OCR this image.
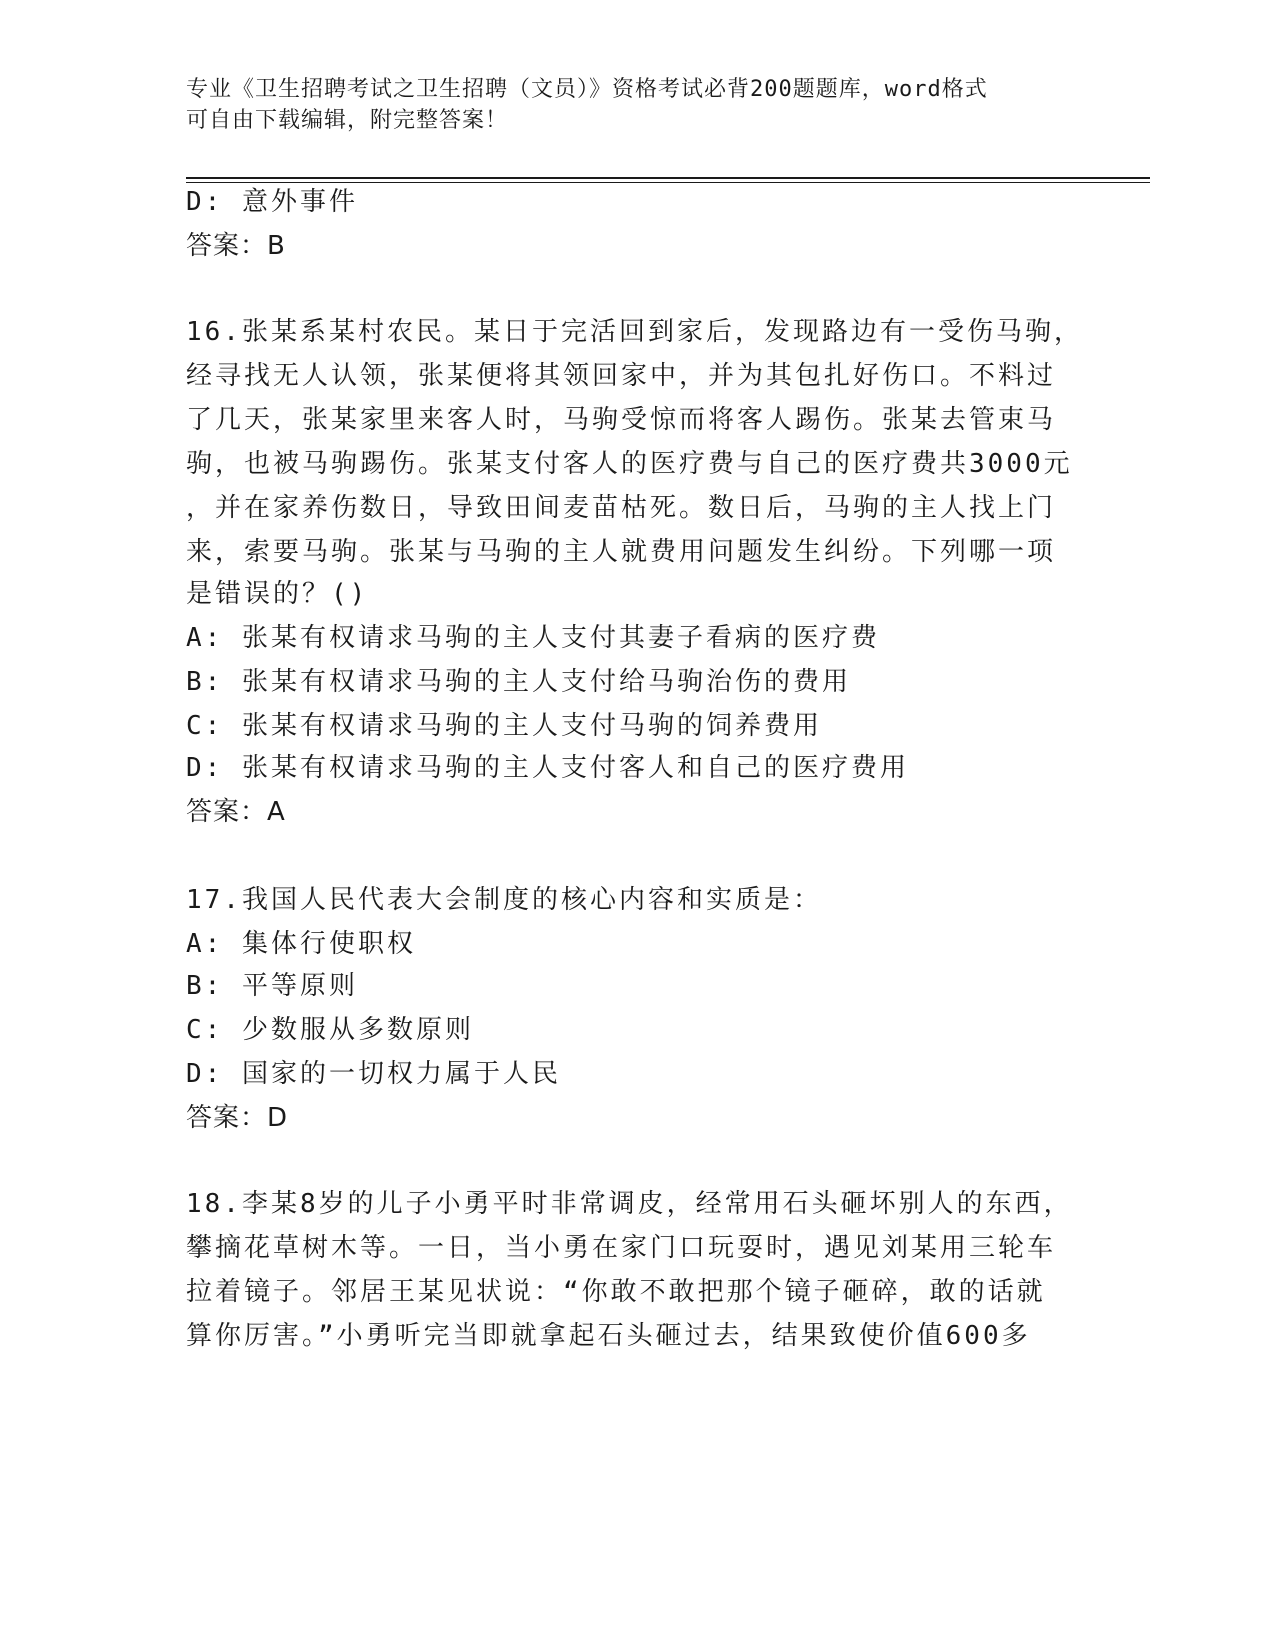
专业《卫生招聘考试之卫生招聘（文员）》资格考试必背200题题库，word格式
可自由下载编辑，附完整答案！
D: 意外事件
答案：B
16.张某系某村农民。某日于完活回到家后，发现路边有一受伤马驹，
经寻找无人认领，张某便将其领回家中，并为其包扎好伤口。不料过
了几天，张某家里来客人时，马驹受惊而将客人踢伤。张某去管束马
驹，也被马驹踢伤。张某支付客人的医疗费与自己的医疗费共3000元
，并在家养伤数日，导致田间麦苗枯死。数日后，马驹的主人找上门
来，索要马驹。张某与马驹的主人就费用问题发生纠纷。下列哪一项
是错误的？()
A: 张某有权请求马驹的主人支付其妻子看病的医疗费
B: 张某有权请求马驹的主人支付给马驹治伤的费用
C: 张某有权请求马驹的主人支付马驹的饲养费用
D: 张某有权请求马驹的主人支付客人和自己的医疗费用
答案：A
17.我国人民代表大会制度的核心内容和实质是：
A: 集体行使职权
B: 平等原则
C: 少数服从多数原则
D: 国家的一切权力属于人民
答案：D
18.李某8岁的儿子小勇平时非常调皮，经常用石头砸坏别人的东西，
攀摘花草树木等。一日，当小勇在家门口玩耍时，遇见刘某用三轮车
拉着镜子。邻居王某见状说：“你敢不敢把那个镜子砸碎，敢的话就
算你厉害。”小勇听完当即就拿起石头砸过去，结果致使价值600多
